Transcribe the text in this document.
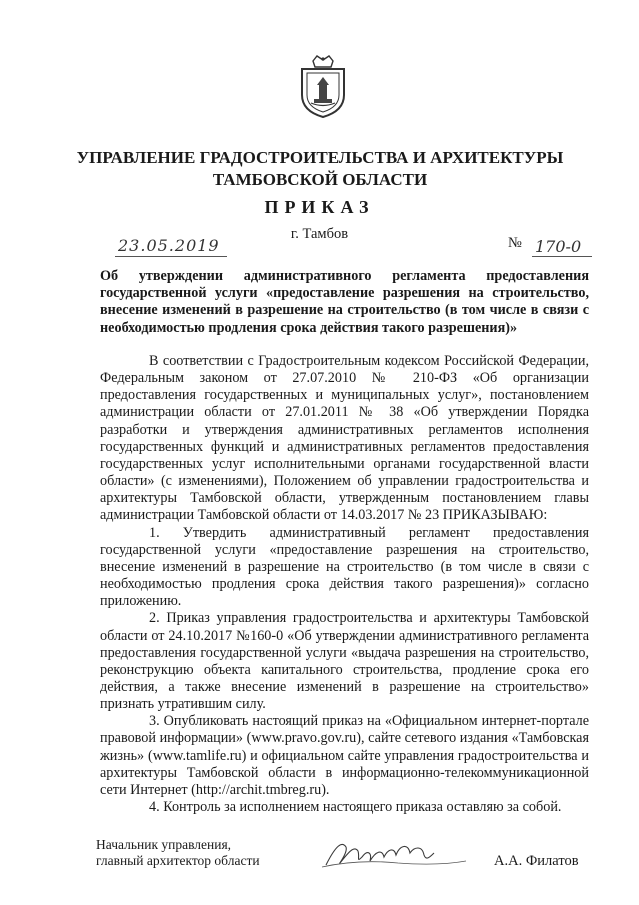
УПРАВЛЕНИЕ ГРАДОСТРОИТЕЛЬСТВА И АРХИТЕКТУРЫ
ТАМБОВСКОЙ ОБЛАСТИ
ПРИКАЗ
г. Тамбов
23.05.2019	№ 170-0

Об утверждении административного регламента предоставления государственной услуги «предоставление разрешения на строительство, внесение изменений в разрешение на строительство (в том числе в связи с необходимостью продления срока действия такого разрешения)»

В соответствии с Градостроительным кодексом Российской Федерации, Федеральным законом от 27.07.2010 № 210-ФЗ «Об организации предоставления государственных и муниципальных услуг», постановлением администрации области от 27.01.2011 № 38 «Об утверждении Порядка разработки и утверждения административных регламентов исполнения государственных функций и административных регламентов предоставления государственных услуг исполнительными органами государственной власти области» (с изменениями), Положением об управлении градостроительства и архитектуры Тамбовской области, утвержденным постановлением главы администрации Тамбовской области от 14.03.2017 № 23 ПРИКАЗЫВАЮ:

1. Утвердить административный регламент предоставления государственной услуги «предоставление разрешения на строительство, внесение изменений в разрешение на строительство (в том числе в связи с необходимостью продления срока действия такого разрешения)» согласно приложению.

2. Приказ управления градостроительства и архитектуры Тамбовской области от 24.10.2017 №160-0 «Об утверждении административного регламента предоставления государственной услуги «выдача разрешения на строительство, реконструкцию объекта капитального строительства, продление срока его действия, а также внесение изменений в разрешение на строительство» признать утратившим силу.

3. Опубликовать настоящий приказ на «Официальном интернет-портале правовой информации» (www.pravo.gov.ru), сайте сетевого издания «Тамбовская жизнь» (www.tamlife.ru) и официальном сайте управления градостроительства и архитектуры Тамбовской области в информационно-телекоммуникационной сети Интернет (http://archit.tmbreg.ru).

4. Контроль за исполнением настоящего приказа оставляю за собой.

Начальник управления,
главный архитектор области	А.А. Филатов
